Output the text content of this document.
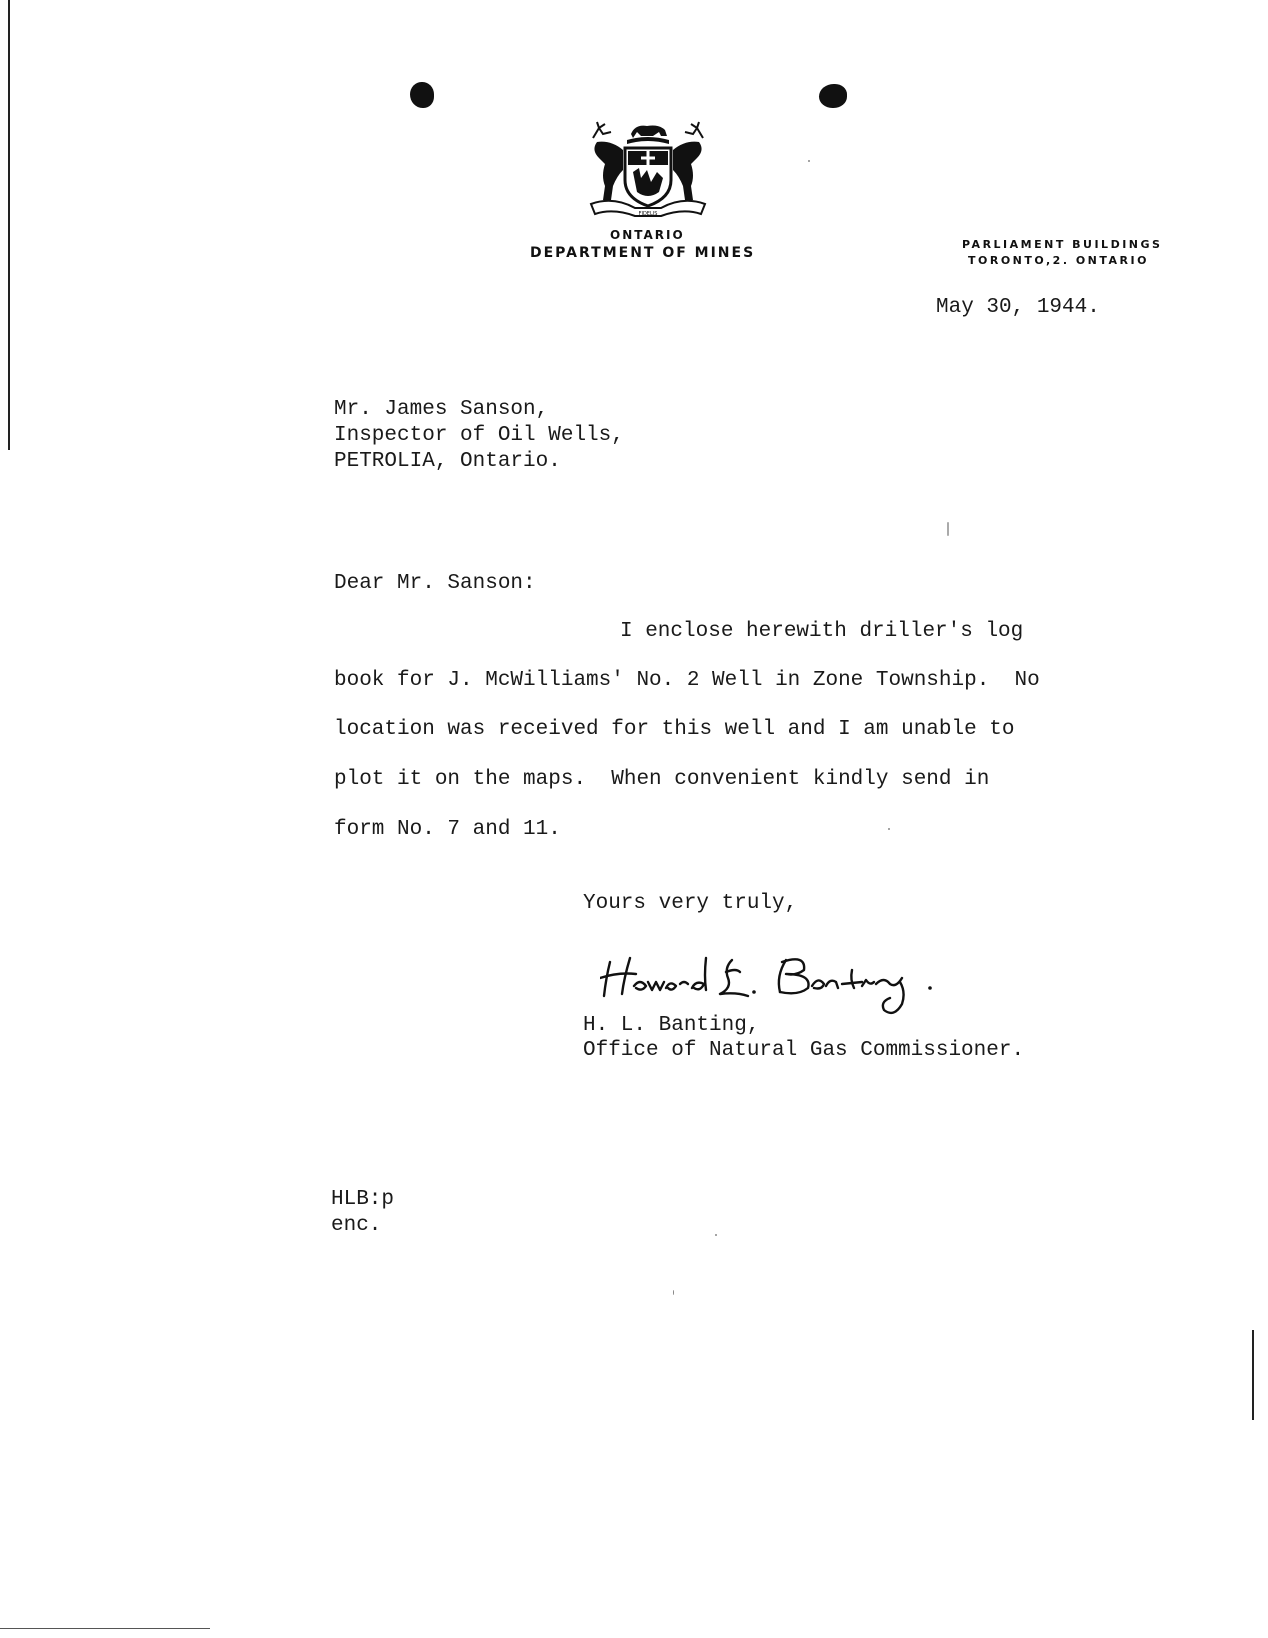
FIDELIS
ONTARIO
DEPARTMENT OF MINES
PARLIAMENT BUILDINGS
TORONTO,2. ONTARIO
May 30, 1944.
Mr. James Sanson,
Inspector of Oil Wells,
PETROLIA, Ontario.
Dear Mr. Sanson:
I enclose herewith driller's log
book for J. McWilliams' No. 2 Well in Zone Township.  No
location was received for this well and I am unable to
plot it on the maps.  When convenient kindly send in
form No. 7 and 11.
Yours very truly,
H. L. Banting,
Office of Natural Gas Commissioner.
HLB:p
enc.
